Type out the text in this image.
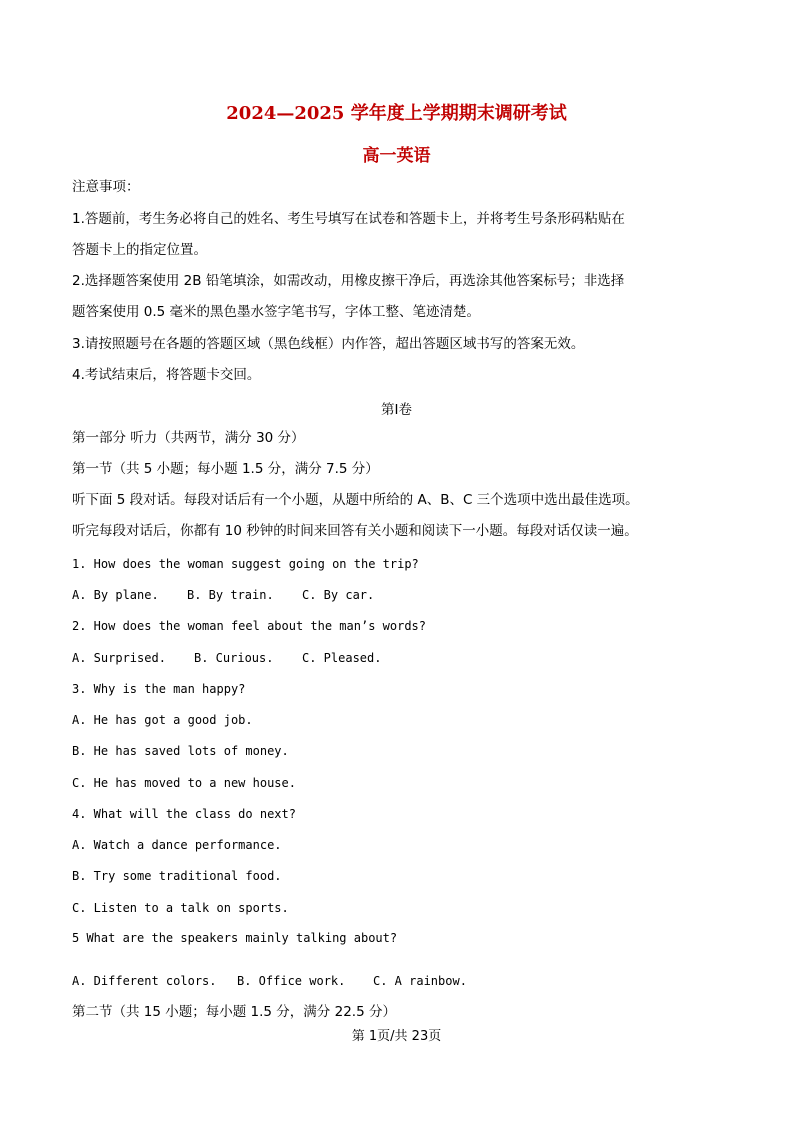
2024—2025 学年度上学期期末调研考试
高一英语
注意事项：
1.答题前，考生务必将自己的姓名、考生号填写在试卷和答题卡上，并将考生号条形码粘贴在
答题卡上的指定位置。
2.选择题答案使用 2B 铅笔填涂，如需改动，用橡皮擦干净后，再选涂其他答案标号；非选择
题答案使用 0.5 毫米的黑色墨水签字笔书写，字体工整、笔迹清楚。
3.请按照题号在各题的答题区域（黑色线框）内作答，超出答题区域书写的答案无效。
4.考试结束后，将答题卡交回。
第Ⅰ卷
第一部分 听力（共两节，满分 30 分）
第一节（共 5 小题；每小题 1.5 分，满分 7.5 分）
听下面 5 段对话。每段对话后有一个小题，从题中所给的 A、B、C 三个选项中选出最佳选项。
听完每段对话后，你都有 10 秒钟的时间来回答有关小题和阅读下一小题。每段对话仅读一遍。
1. How does the woman suggest going on the trip?
A. By plane. B. By train. C. By car.
2. How does the woman feel about the man’s words?
A. Surprised. B. Curious. C. Pleased.
3. Why is the man happy?
A. He has got a good job.
B. He has saved lots of money.
C. He has moved to a new house.
4. What will the class do next?
A. Watch a dance performance.
B. Try some traditional food.
C. Listen to a talk on sports.
5 What are the speakers mainly talking about?
A. Different colors. B. Office work. C. A rainbow.
第二节（共 15 小题；每小题 1.5 分，满分 22.5 分）
第 1页/共 23页
